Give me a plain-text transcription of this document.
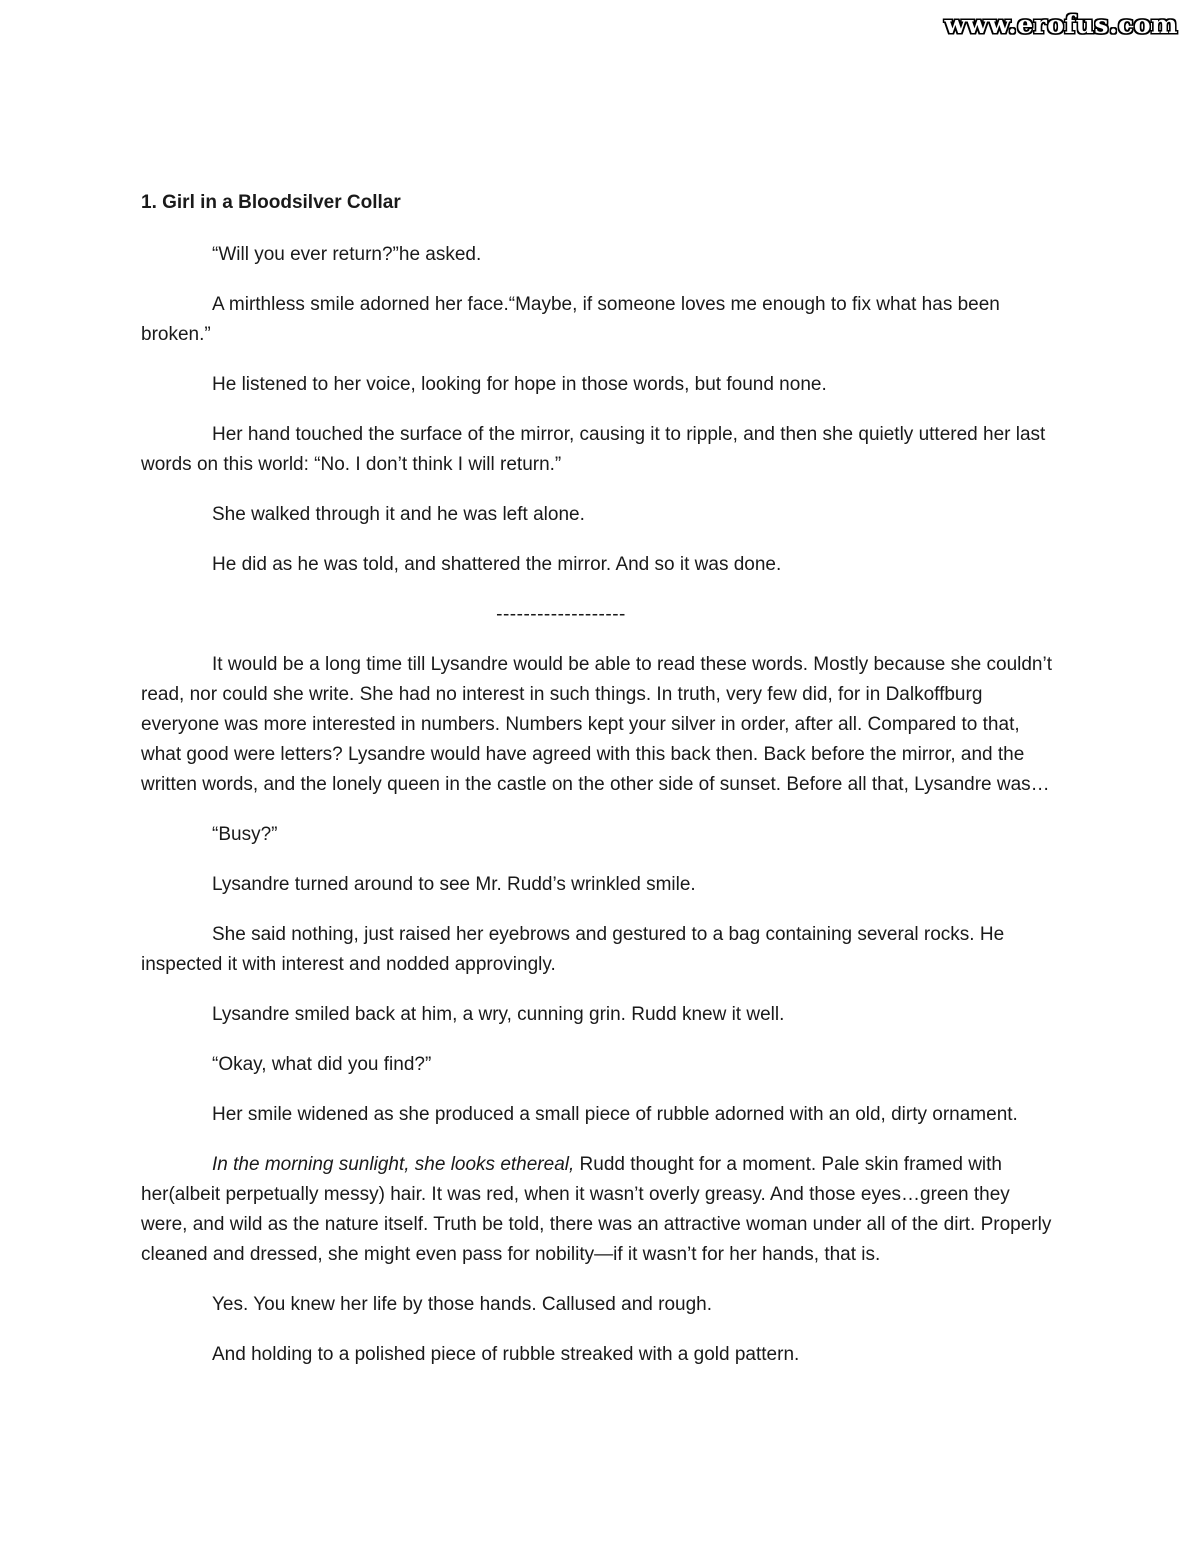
www.erofus.com
1. Girl in a Bloodsilver Collar

“Will you ever return?”he asked.

A mirthless smile adorned her face.“Maybe, if someone loves me enough to fix what has been broken.”

He listened to her voice, looking for hope in those words, but found none.

Her hand touched the surface of the mirror, causing it to ripple, and then she quietly uttered her last words on this world: “No. I don’t think I will return.”

She walked through it and he was left alone.

He did as he was told, and shattered the mirror. And so it was done.

-------------------

It would be a long time till Lysandre would be able to read these words. Mostly because she couldn’t read, nor could she write. She had no interest in such things. In truth, very few did, for in Dalkoffburg everyone was more interested in numbers. Numbers kept your silver in order, after all. Compared to that, what good were letters? Lysandre would have agreed with this back then. Back before the mirror, and the written words, and the lonely queen in the castle on the other side of sunset. Before all that, Lysandre was…

“Busy?”

Lysandre turned around to see Mr. Rudd’s wrinkled smile.

She said nothing, just raised her eyebrows and gestured to a bag containing several rocks. He inspected it with interest and nodded approvingly.

Lysandre smiled back at him, a wry, cunning grin. Rudd knew it well.

“Okay, what did you find?”

Her smile widened as she produced a small piece of rubble adorned with an old, dirty ornament.

In the morning sunlight, she looks ethereal, Rudd thought for a moment. Pale skin framed with her(albeit perpetually messy) hair. It was red, when it wasn’t overly greasy. And those eyes…green they were, and wild as the nature itself. Truth be told, there was an attractive woman under all of the dirt. Properly cleaned and dressed, she might even pass for nobility—if it wasn’t for her hands, that is.

Yes. You knew her life by those hands. Callused and rough.

And holding to a polished piece of rubble streaked with a gold pattern.
